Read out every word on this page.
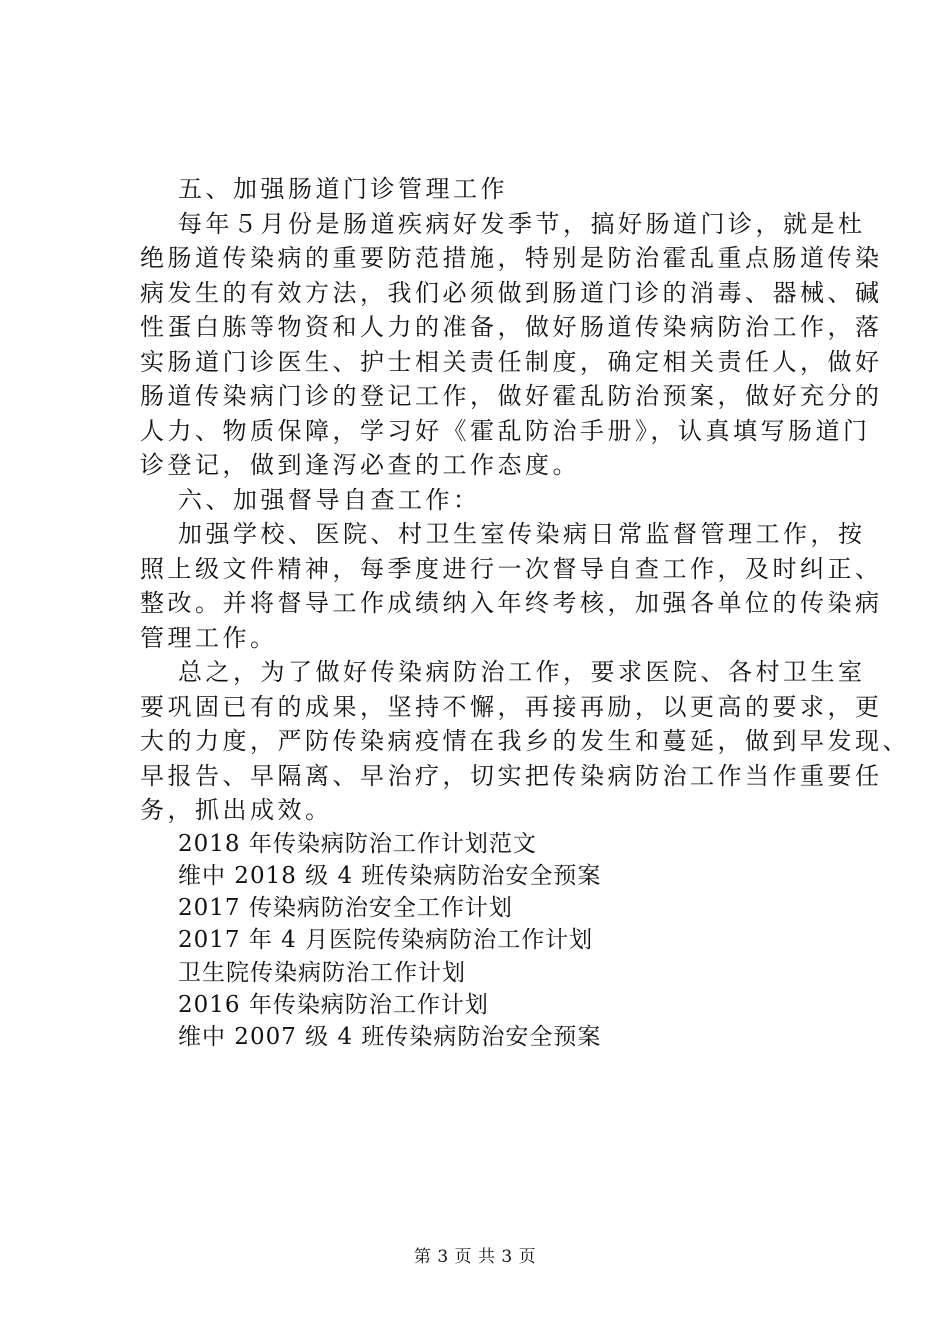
五、加强肠道门诊管理工作
每年５月份是肠道疾病好发季节，搞好肠道门诊，就是杜
绝肠道传染病的重要防范措施，特别是防治霍乱重点肠道传染
病发生的有效方法，我们必须做到肠道门诊的消毒、器械、碱
性蛋白胨等物资和人力的准备，做好肠道传染病防治工作，落
实肠道门诊医生、护士相关责任制度，确定相关责任人，做好
肠道传染病门诊的登记工作，做好霍乱防治预案，做好充分的
人力、物质保障，学习好《霍乱防治手册》，认真填写肠道门
诊登记，做到逢泻必查的工作态度。
六、加强督导自查工作：
加强学校、医院、村卫生室传染病日常监督管理工作，按
照上级文件精神，每季度进行一次督导自查工作，及时纠正、
整改。并将督导工作成绩纳入年终考核，加强各单位的传染病
管理工作。
总之，为了做好传染病防治工作，要求医院、各村卫生室
要巩固已有的成果，坚持不懈，再接再励，以更高的要求，更
大的力度，严防传染病疫情在我乡的发生和蔓延，做到早发现、
早报告、早隔离、早治疗，切实把传染病防治工作当作重要任
务，抓出成效。
2018 年传染病防治工作计划范文
维中 2018 级 4 班传染病防治安全预案
2017 传染病防治安全工作计划
2017 年 4 月医院传染病防治工作计划
卫生院传染病防治工作计划
2016 年传染病防治工作计划
维中 2007 级 4 班传染病防治安全预案
第 3 页 共 3 页
